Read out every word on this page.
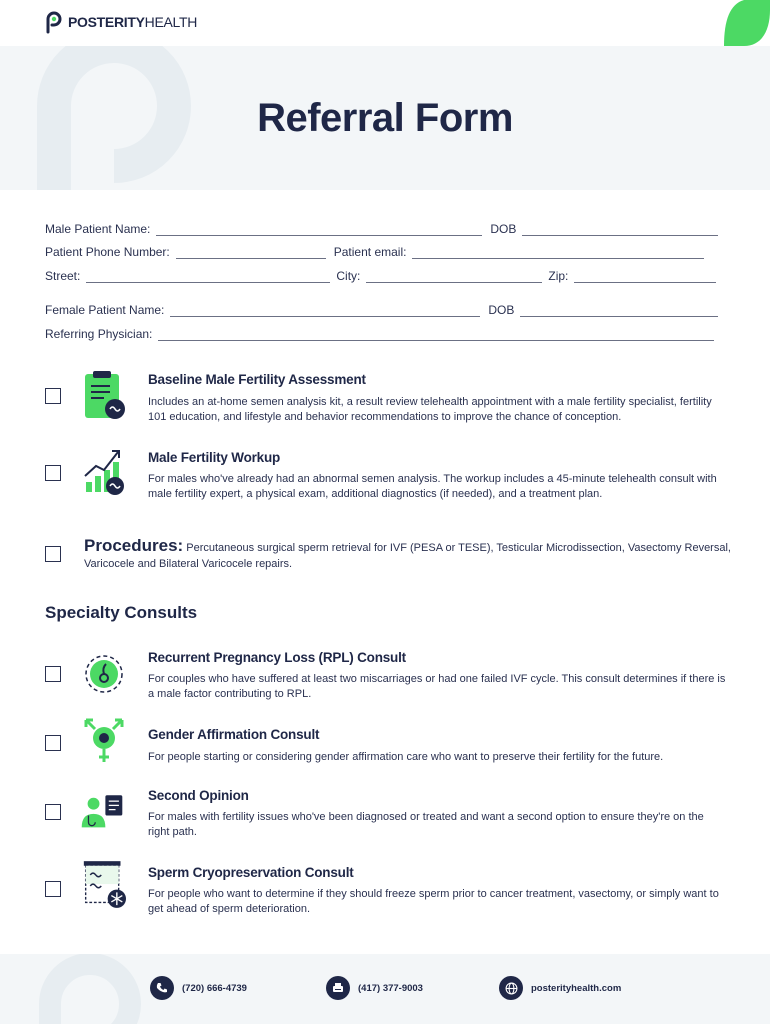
POSTERITYHEALTH
Referral Form
Male Patient Name:	DOB
Patient Phone Number:	Patient email:
Street:	City:	Zip:
Female Patient Name:	DOB
Referring Physician:
Baseline Male Fertility Assessment
Includes an at-home semen analysis kit, a result review telehealth appointment with a male fertility specialist, fertility 101 education, and lifestyle and behavior recommendations to improve the chance of conception.
Male Fertility Workup
For males who've already had an abnormal semen analysis. The workup includes a 45-minute telehealth consult with male fertility expert, a physical exam, additional diagnostics (if needed), and a treatment plan.
Procedures: Percutaneous surgical sperm retrieval for IVF (PESA or TESE), Testicular Microdissection, Vasectomy Reversal, Varicocele and Bilateral Varicocele repairs.
Specialty Consults
Recurrent Pregnancy Loss (RPL) Consult
For couples who have suffered at least two miscarriages or had one failed IVF cycle. This consult determines if there is a male factor contributing to RPL.
Gender Affirmation Consult
For people starting or considering gender affirmation care who want to preserve their fertility for the future.
Second Opinion
For males with fertility issues who've been diagnosed or treated and want a second option to ensure they're on the right path.
Sperm Cryopreservation Consult
For people who want to determine if they should freeze sperm prior to cancer treatment, vasectomy, or simply want to get ahead of sperm deterioration.
(720) 666-4739	(417) 377-9003	posterityhealth.com
